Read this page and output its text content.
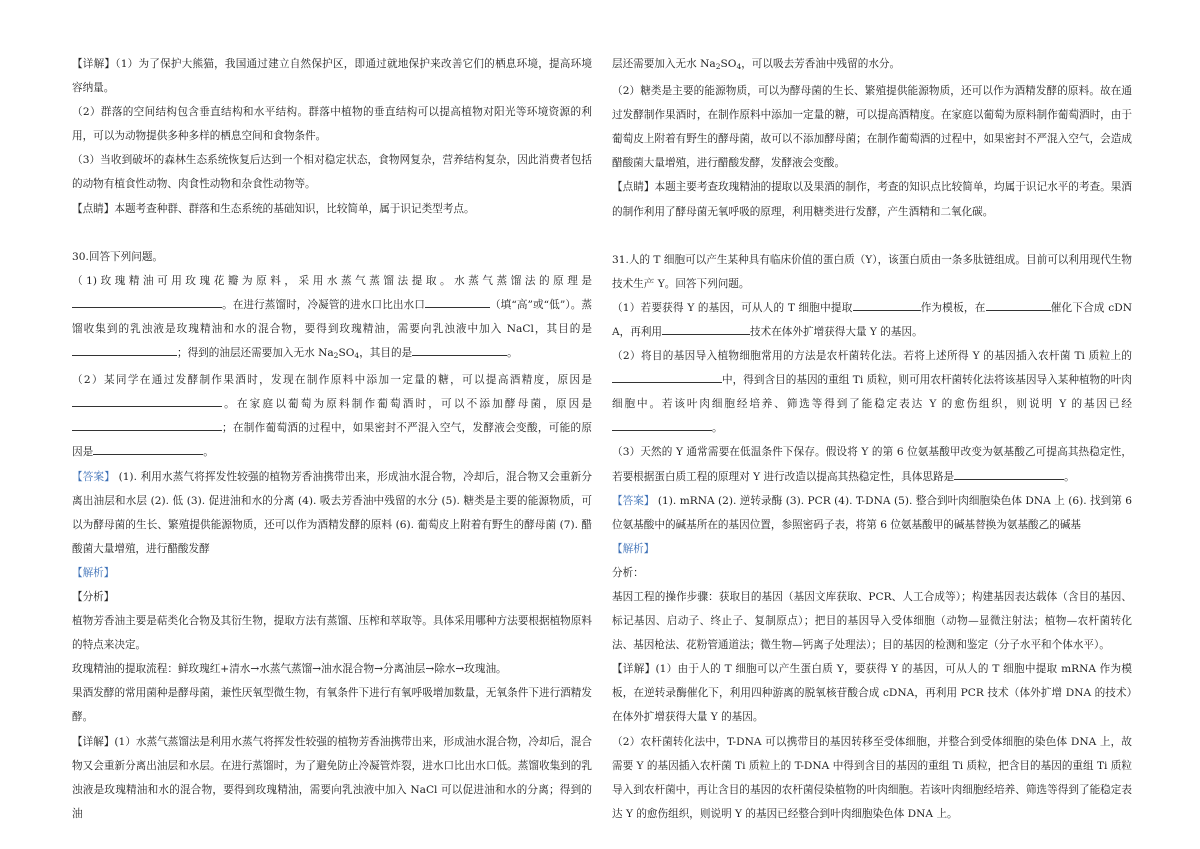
【详解】（1）为了保护大熊猫，我国通过建立自然保护区，即通过就地保护来改善它们的栖息环境，提高环境容纳量。

（2）群落的空间结构包含垂直结构和水平结构。群落中植物的垂直结构可以提高植物对阳光等环境资源的利用，可以为动物提供多种多样的栖息空间和食物条件。

（3）当收到破坏的森林生态系统恢复后达到一个相对稳定状态，食物网复杂，营养结构复杂，因此消费者包括的动物有植食性动物、肉食性动物和杂食性动物等。

【点睛】本题考查种群、群落和生态系统的基础知识，比较简单，属于识记类型考点。

30.回答下列问题。

（1)玫瑰精油可用玫瑰花瓣为原料，采用水蒸气蒸馏法提取。水蒸气蒸馏法的原理是。在进行蒸馏时，冷凝管的进水口比出水口	（填“高”或“低”）。蒸馏收集到的乳浊液是玫瑰精油和水的混合物，要得到玫瑰精油，需要向乳浊液中加入 NaCl，其目的是；得到的油层还需要加入无水 $Na_2SO_4$，其目的是	。

（2）某同学在通过发酵制作果酒时，发现在制作原料中添加一定量的糖，可以提高酒精度，原因是。在家庭以葡萄为原料制作葡萄酒时，可以不添加酵母菌，原因是；在制作葡萄酒的过程中，如果密封不严混入空气，发酵液会变酸，可能的原因是	。

【答案】 (1). 利用水蒸气将挥发性较强的植物芳香油携带出来，形成油水混合物，冷却后，混合物又会重新分离出油层和水层 (2). 低 (3). 促进油和水的分离 (4). 吸去芳香油中残留的水分 (5). 糖类是主要的能源物质，可以为酵母菌的生长、繁殖提供能源物质，还可以作为酒精发酵的原料 (6). 葡萄皮上附着有野生的酵母菌 (7). 醋酸菌大量增殖，进行醋酸发酵

【解析】

【分析】

植物芳香油主要是萜类化合物及其衍生物，提取方法有蒸馏、压榨和萃取等。具体采用哪种方法要根据植物原料的特点来决定。

玫瑰精油的提取流程：鲜玫瑰红+清水→水蒸气蒸馏→油水混合物→分离油层→除水→玫瑰油。

果酒发酵的常用菌种是酵母菌，兼性厌氧型微生物，有氧条件下进行有氧呼吸增加数量，无氧条件下进行酒精发酵。

【详解】(1）水蒸气蒸馏法是利用水蒸气将挥发性较强的植物芳香油携带出来，形成油水混合物，冷却后，混合物又会重新分离出油层和水层。在进行蒸馏时，为了避免防止冷凝管炸裂，进水口比出水口低。蒸馏收集到的乳浊液是玫瑰精油和水的混合物，要得到玫瑰精油，需要向乳浊液中加入 NaCl 可以促进油和水的分离；得到的油

层还需要加入无水 $Na_2SO_4$，可以吸去芳香油中残留的水分。

（2）糖类是主要的能源物质，可以为酵母菌的生长、繁殖提供能源物质，还可以作为酒精发酵的原料。故在通过发酵制作果酒时，在制作原料中添加一定量的糖，可以提高酒精度。在家庭以葡萄为原料制作葡萄酒时，由于葡萄皮上附着有野生的酵母菌，故可以不添加酵母菌；在制作葡萄酒的过程中，如果密封不严混入空气，会造成醋酸菌大量增殖，进行醋酸发酵，发酵液会变酸。

【点睛】本题主要考查玫瑰精油的提取以及果酒的制作，考查的知识点比较简单，均属于识记水平的考查。果酒的制作利用了酵母菌无氧呼吸的原理，利用糖类进行发酵，产生酒精和二氧化碳。

31.人的 T 细胞可以产生某种具有临床价值的蛋白质（Y），该蛋白质由一条多肽链组成。目前可以利用现代生物技术生产 Y。回答下列问题。

（1）若要获得 Y 的基因，可从人的 T 细胞中提取	作为模板，在	催化下合成 cDNA，再利用	技术在体外扩增获得大量 Y 的基因。

（2）将目的基因导入植物细胞常用的方法是农杆菌转化法。若将上述所得 Y 的基因插入农杆菌 Ti 质粒上的中，得到含目的基因的重组 Ti 质粒，则可用农杆菌转化法将该基因导入某种植物的叶肉细胞中。若该叶肉细胞经培养、筛选等得到了能稳定表达 Y 的愈伤组织，则说明 Y 的基因已经。

（3）天然的 Y 通常需要在低温条件下保存。假设将 Y 的第 6 位氨基酸甲改变为氨基酸乙可提高其热稳定性，若要根据蛋白质工程的原理对 Y 进行改造以提高其热稳定性，具体思路是	。

【答案】 (1). mRNA (2). 逆转录酶 (3). PCR (4). T-DNA (5). 整合到叶肉细胞染色体 DNA 上 (6). 找到第 6 位氨基酸中的碱基所在的基因位置，参照密码子表，将第 6 位氨基酸甲的碱基替换为氨基酸乙的碱基

【解析】

分析：

基因工程的操作步骤：获取目的基因（基因文库获取、PCR、人工合成等）；构建基因表达载体（含目的基因、标记基因、启动子、终止子、复制原点）；把目的基因导入受体细胞（动物—显微注射法；植物—农杆菌转化法、基因枪法、花粉管通道法；微生物—钙离子处理法）；目的基因的检测和鉴定（分子水平和个体水平）。

【详解】(1）由于人的 T 细胞可以产生蛋白质 Y，要获得 Y 的基因，可从人的 T 细胞中提取 mRNA 作为模板，在逆转录酶催化下，利用四种游离的脱氧核苷酸合成 cDNA，再利用 PCR 技术（体外扩增 DNA 的技术）在体外扩增获得大量 Y 的基因。

（2）农杆菌转化法中，T-DNA 可以携带目的基因转移至受体细胞，并整合到受体细胞的染色体 DNA 上，故需要 Y 的基因插入农杆菌 Ti 质粒上的 T-DNA 中得到含目的基因的重组 Ti 质粒，把含目的基因的重组 Ti 质粒导入到农杆菌中，再让含目的基因的农杆菌侵染植物的叶肉细胞。若该叶肉细胞经培养、筛选等得到了能稳定表达 Y 的愈伤组织，则说明 Y 的基因已经整合到叶肉细胞染色体 DNA 上。
